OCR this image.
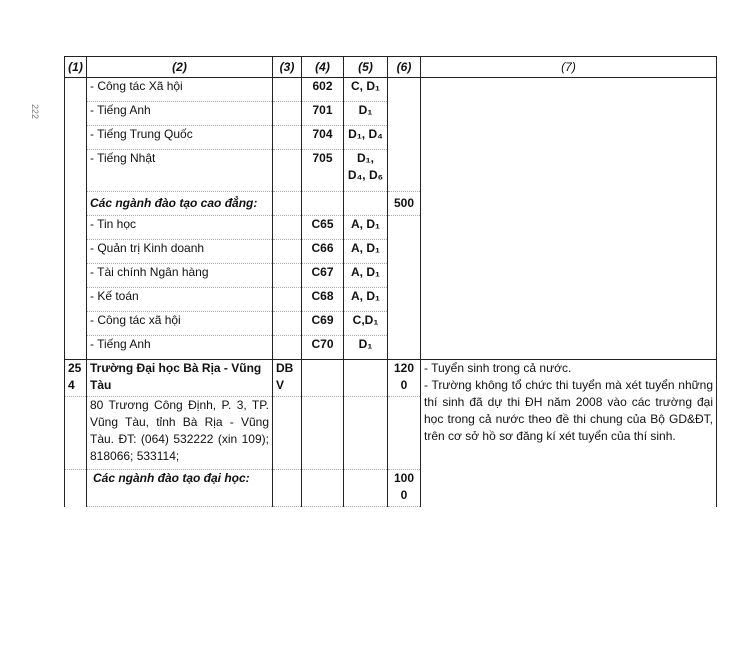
222
(1)	(2)	(3)	(4)	(5)	(6)	(7)
	- Công tác Xã hội		602	C, D₁		
	- Tiếng Anh		701	D₁		
	- Tiếng Trung Quốc		704	D₁, D₄		
	- Tiếng Nhật		705	D₁, D₄, D₆		
	Các ngành đào tạo cao đẳng:				500	
	- Tin học		C65	A, D₁		
	- Quản trị Kinh doanh		C66	A, D₁		
	- Tài chính Ngân hàng		C67	A, D₁		
	- Kế toán		C68	A, D₁		
	- Công tác xã hội		C69	C,D₁		
	- Tiếng Anh		C70	D₁		
254	Trường Đại học Bà Rịa - Vũng Tàu	DBV			1200	- Tuyển sinh trong cả nước.
- Trường không tổ chức thi tuyển mà xét tuyển những thí sinh đã dự thi ĐH năm 2008 vào các trường đại học trong cả nước theo đề thi chung của Bộ GD&ĐT, trên cơ sở hồ sơ đăng kí xét tuyển của thí sinh.

	80 Trương Công Định, P. 3, TP. Vũng Tàu, tỉnh Bà Rịa - Vũng Tàu. ĐT: (064) 532222 (xin 109); 818066; 533114;					
	Các ngành đào tạo đại học:				1000	
